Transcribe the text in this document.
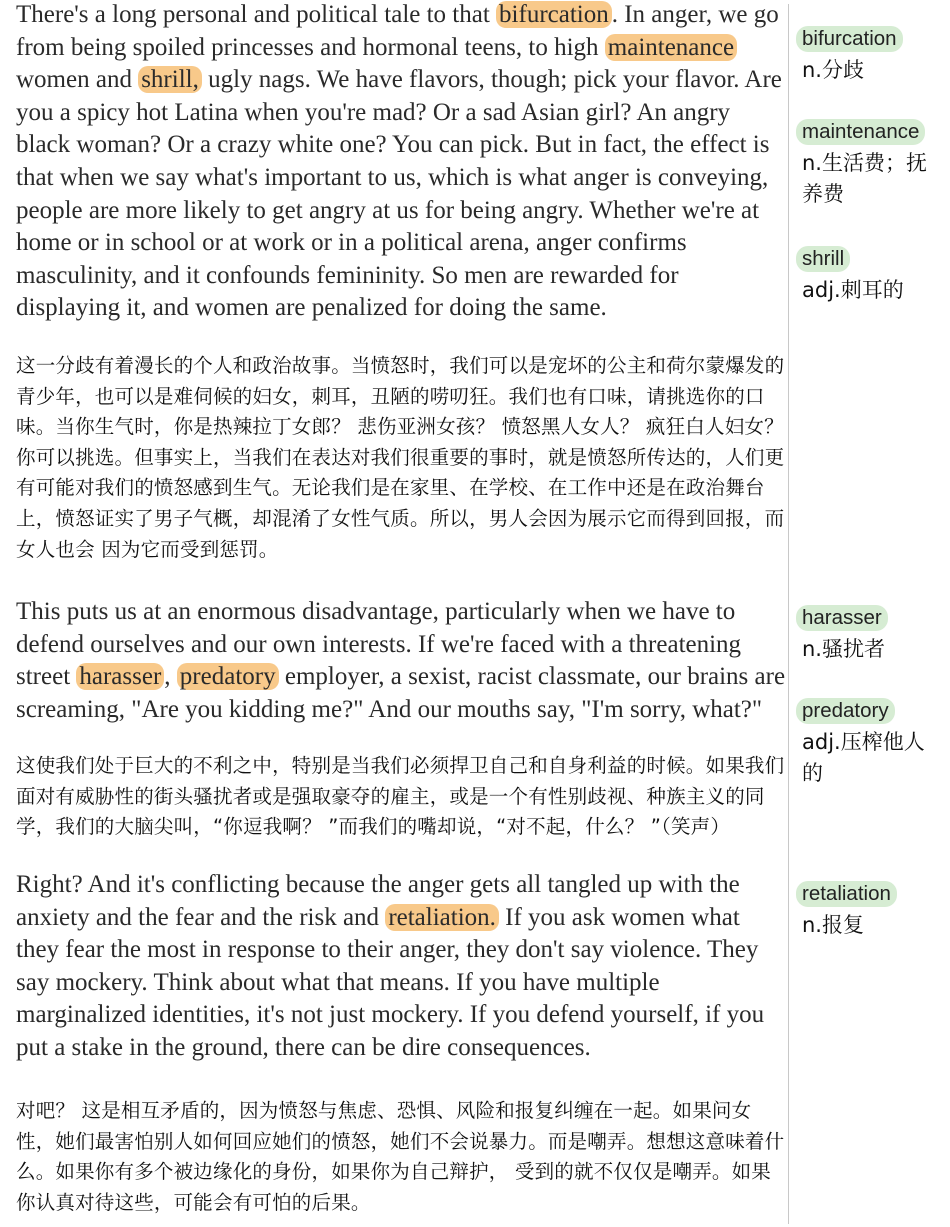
There's a long personal and political tale to that bifurcation . In anger, we go from being spoiled princesses and hormonal teens, to high maintenance women and shrill, ugly nags. We have flavors, though; pick your flavor. Are you a spicy hot Latina when you're mad? Or a sad Asian girl? An angry black woman? Or a crazy white one? You can pick. But in fact, the effect is that when we say what's important to us, which is what anger is conveying, people are more likely to get angry at us for being angry. Whether we're at home or in school or at work or in a political arena, anger confirms masculinity, and it confounds femininity. So men are rewarded for displaying it, and women are penalized for doing the same.

这一分歧有着漫长的个人和政治故事。当愤怒时，我们可以是宠坏的公主和荷尔蒙爆发的青少年，也可以是难伺候的妇女，刺耳，丑陋的唠叨狂。我们也有口味，请挑选你的口味。当你生气时，你是热辣拉丁女郎？ 悲伤亚洲女孩？ 愤怒黑人女人？ 疯狂白人妇女？ 你可以挑选。但事实上，当我们在表达对我们很重要的事时，就是愤怒所传达的，人们更有可能对我们的愤怒感到生气。无论我们是在家里、在学校、在工作中还是在政治舞台上，愤怒证实了男子气概，却混淆了女性气质。所以，男人会因为展示它而得到回报，而女人也会 因为它而受到惩罚。

This puts us at an enormous disadvantage, particularly when we have to defend ourselves and our own interests. If we're faced with a threatening street harasser , predatory employer, a sexist, racist classmate, our brains are screaming, "Are you kidding me?" And our mouths say, "I'm sorry, what?"

这使我们处于巨大的不利之中，特别是当我们必须捍卫自己和自身利益的时候。如果我们面对有威胁性的街头骚扰者或是强取豪夺的雇主，或是一个有性别歧视、种族主义的同学，我们的大脑尖叫，“你逗我啊？ ”而我们的嘴却说，“对不起，什么？ ”（笑声）

Right? And it's conflicting because the anger gets all tangled up with the anxiety and the fear and the risk and retaliation. If you ask women what they fear the most in response to their anger, they don't say violence. They say mockery. Think about what that means. If you have multiple marginalized identities, it's not just mockery. If you defend yourself, if you put a stake in the ground, there can be dire consequences.

对吧？ 这是相互矛盾的，因为愤怒与焦虑、恐惧、风险和报复纠缠在一起。如果问女性，她们最害怕别人如何回应她们的愤怒，她们不会说暴力。而是嘲弄。想想这意味着什么。如果你有多个被边缘化的身份，如果你为自己辩护， 受到的就不仅仅是嘲弄。如果你认真对待这些，可能会有可怕的后果。

bifurcation
n.分歧
maintenance
n.生活费；抚养费
shrill
adj.刺耳的
harasser
n.骚扰者
predatory
adj.压榨他人的
retaliation
n.报复
